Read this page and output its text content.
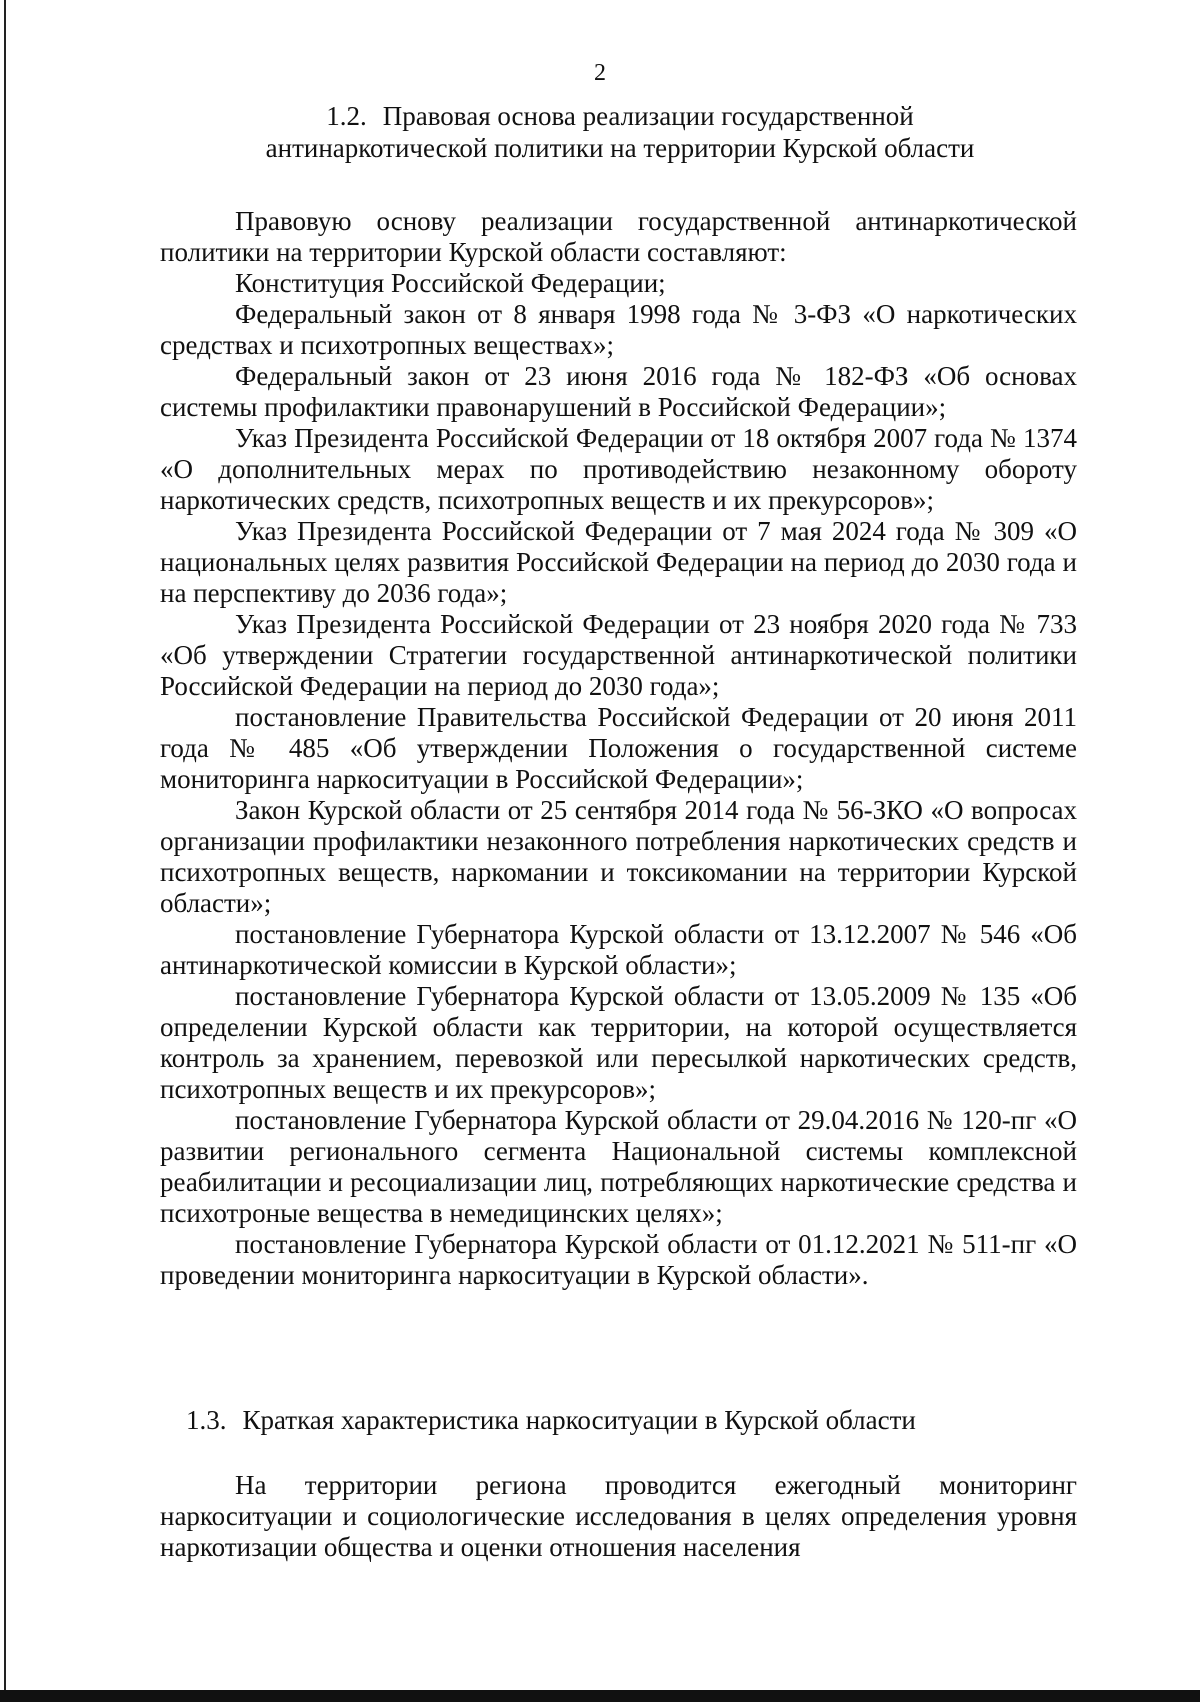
2
1.2. Правовая основа реализации государственной
антинаркотической политики на территории Курской области

Правовую основу реализации государственной антинаркотической политики на территории Курской области составляют:

Конституция Российской Федерации;

Федеральный закон от 8 января 1998 года № 3-ФЗ «О наркотических средствах и психотропных веществах»;

Федеральный закон от 23 июня 2016 года № 182-ФЗ «Об основах системы профилактики правонарушений в Российской Федерации»;

Указ Президента Российской Федерации от 18 октября 2007 года № 1374 «О дополнительных мерах по противодействию незаконному обороту наркотических средств, психотропных веществ и их прекурсоров»;

Указ Президента Российской Федерации от 7 мая 2024 года № 309 «О национальных целях развития Российской Федерации на период до 2030 года и на перспективу до 2036 года»;

Указ Президента Российской Федерации от 23 ноября 2020 года № 733 «Об утверждении Стратегии государственной антинаркотической политики Российской Федерации на период до 2030 года»;

постановление Правительства Российской Федерации от 20 июня 2011 года № 485 «Об утверждении Положения о государственной системе мониторинга наркоситуации в Российской Федерации»;

Закон Курской области от 25 сентября 2014 года № 56-ЗКО «О вопросах организации профилактики незаконного потребления наркотических средств и психотропных веществ, наркомании и токсикомании на территории Курской области»;

постановление Губернатора Курской области от 13.12.2007 № 546 «Об антинаркотической комиссии в Курской области»;

постановление Губернатора Курской области от 13.05.2009 № 135 «Об определении Курской области как территории, на которой осуществляется контроль за хранением, перевозкой или пересылкой наркотических средств, психотропных веществ и их прекурсоров»;

постановление Губернатора Курской области от 29.04.2016 № 120-пг «О развитии регионального сегмента Национальной системы комплексной реабилитации и ресоциализации лиц, потребляющих наркотические средства и психотроные вещества в немедицинских целях»;

постановление Губернатора Курской области от 01.12.2021 № 511-пг «О проведении мониторинга наркоситуации в Курской области».

1.3. Краткая характеристика наркоситуации в Курской области

На территории региона проводится ежегодный мониторинг наркоситуации и социологические исследования в целях определения уровня наркотизации общества и оценки отношения населения
